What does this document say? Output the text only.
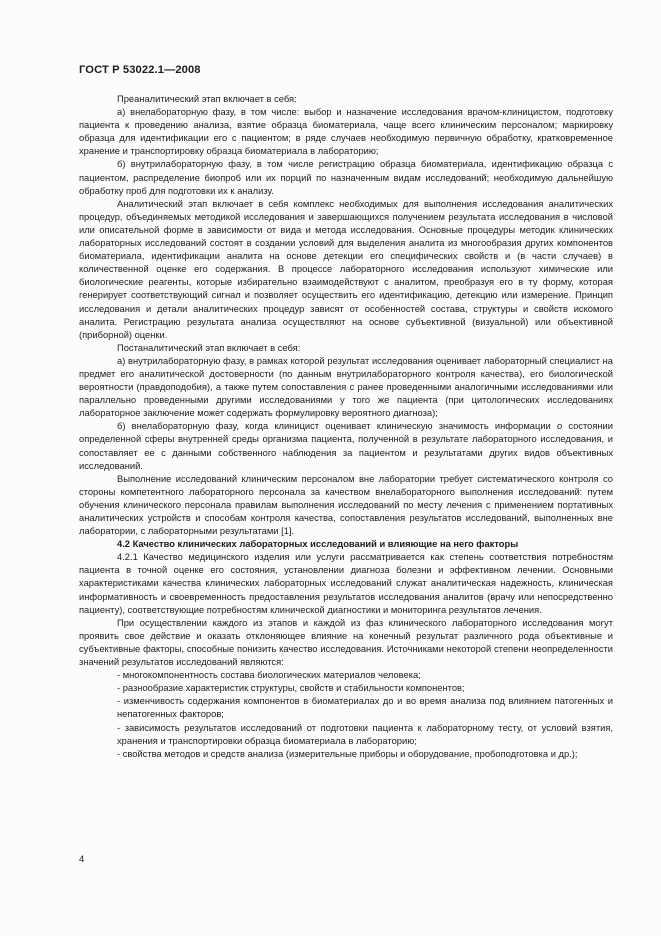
ГОСТ Р 53022.1—2008

Преаналитический этап включает в себя:

а) внелабораторную фазу, в том числе: выбор и назначение исследования врачом-клиницистом, подготовку пациента к проведению анализа, взятие образца биоматериала, чаще всего клиническим персоналом; маркировку образца для идентификации его с пациентом; в ряде случаев необходимую первичную обработку, кратковременное хранение и транспортировку образца биоматериала в лабораторию;

б) внутрилабораторную фазу, в том числе регистрацию образца биоматериала, идентификацию образца с пациентом, распределение биопроб или их порций по назначенным видам исследований; необходимую дальнейшую обработку проб для подготовки их к анализу.

Аналитический этап включает в себя комплекс необходимых для выполнения исследования аналитических процедур, объединяемых методикой исследования и завершающихся получением результата исследования в числовой или описательной форме в зависимости от вида и метода исследования. Основные процедуры методик клинических лабораторных исследований состоят в создании условий для выделения аналита из многообразия других компонентов биоматериала, идентификации аналита на основе детекции его специфических свойств и (в части случаев) в количественной оценке его содержания. В процессе лабораторного исследования используют химические или биологические реагенты, которые избирательно взаимодействуют с аналитом, преобразуя его в ту форму, которая генерирует соответствующий сигнал и позволяет осуществить его идентификацию, детекцию или измерение. Принцип исследования и детали аналитических процедур зависят от особенностей состава, структуры и свойств искомого аналита. Регистрацию результата анализа осуществляют на основе субъективной (визуальной) или объективной (приборной) оценки.

Постаналитический этап включает в себя:

а) внутрилабораторную фазу, в рамках которой результат исследования оценивает лабораторный специалист на предмет его аналитической достоверности (по данным внутрилабораторного контроля качества), его биологической вероятности (правдоподобия), а также путем сопоставления с ранее проведенными аналогичными исследованиями или параллельно проведенными другими исследованиями у того же пациента (при цитологических исследованиях лабораторное заключение может содержать формулировку вероятного диагноза);

б) внелабораторную фазу, когда клиницист оценивает клиническую значимость информации о состоянии определенной сферы внутренней среды организма пациента, полученной в результате лабораторного исследования, и сопоставляет ее с данными собственного наблюдения за пациентом и результатами других видов объективных исследований.

Выполнение исследований клиническим персоналом вне лаборатории требует систематического контроля со стороны компетентного лабораторного персонала за качеством внелабораторного выполнения исследований: путем обучения клинического персонала правилам выполнения исследований по месту лечения с применением портативных аналитических устройств и способам контроля качества, сопоставления результатов исследований, выполненных вне лаборатории, с лабораторными результатами [1].

4.2 Качество клинических лабораторных исследований и влияющие на него факторы

4.2.1 Качество медицинского изделия или услуги рассматривается как степень соответствия потребностям пациента в точной оценке его состояния, установлении диагноза болезни и эффективном лечении. Основными характеристиками качества клинических лабораторных исследований служат аналитическая надежность, клиническая информативность и своевременность предоставления результатов исследования аналитов (врачу или непосредственно пациенту), соответствующие потребностям клинической диагностики и мониторинга результатов лечения.

При осуществлении каждого из этапов и каждой из фаз клинического лабораторного исследования могут проявить свое действие и оказать отклоняющее влияние на конечный результат различного рода объективные и субъективные факторы, способные понизить качество исследования. Источниками некоторой степени неопределенности значений результатов исследований являются:

- многокомпонентность состава биологических материалов человека;

- разнообразие характеристик структуры, свойств и стабильности компонентов;

- изменчивость содержания компонентов в биоматериалах до и во время анализа под влиянием патогенных и непатогенных факторов;

- зависимость результатов исследований от подготовки пациента к лабораторному тесту, от условий взятия, хранения и транспортировки образца биоматериала в лабораторию;

- свойства методов и средств анализа (измерительные приборы и оборудование, пробоподготовка и др.);

4
